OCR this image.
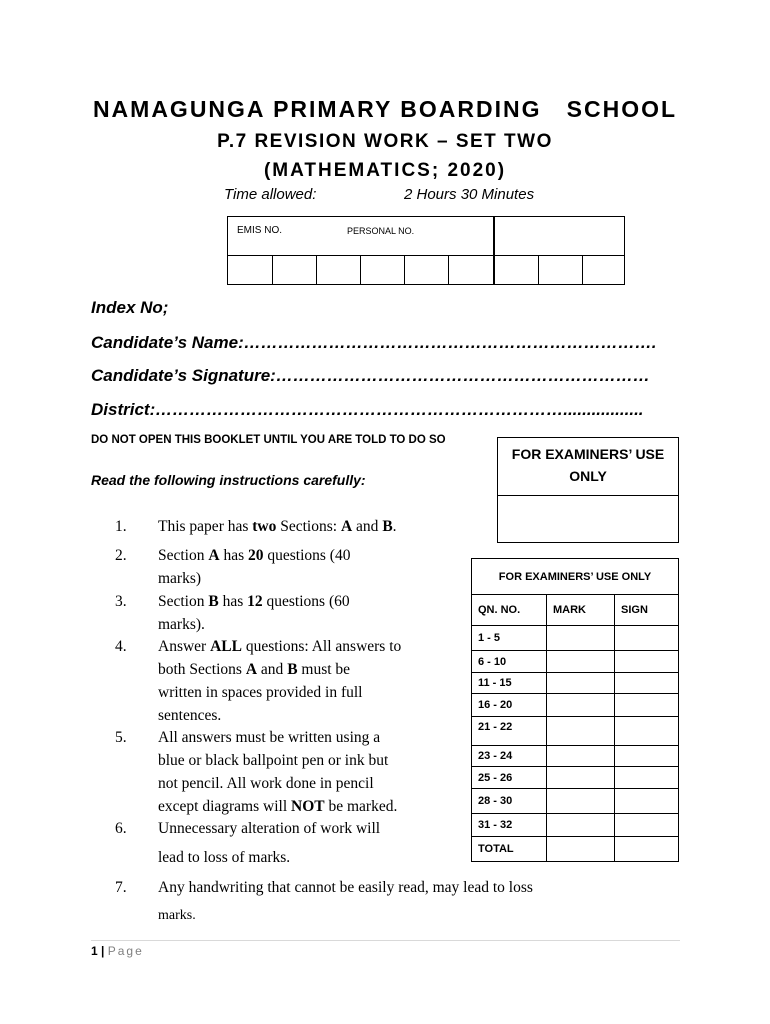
NAMAGUNGA PRIMARY BOARDING   SCHOOL
P.7 REVISION WORK – SET TWO
(MATHEMATICS; 2020)
Time allowed:	2 Hours 30 Minutes
EMIS NO.	PERSONAL NO.
Index No;
Candidate’s Name:……………………………………………………………….
Candidate’s Signature:…………………………………………………………
District:……………………………………………………………….................
DO NOT OPEN THIS BOOKLET UNTIL YOU ARE TOLD TO DO SO
Read the following instructions carefully:
FOR EXAMINERS’ USE
ONLY
FOR EXAMINERS’ USE ONLY		
QN. NO.	MARK	SIGN
1 - 5		
6 - 10		
11 - 15		
16 - 20		
21 - 22		
23 - 24		
25 - 26		
28 - 30		
31 - 32		
TOTAL		
1. This paper has two Sections: A and B.
2. Section A has 20 questions (40
marks)
3. Section B has 12 questions (60
marks).
4. Answer ALL questions: All answers to
both Sections A and B must be
written in spaces provided in full
sentences.
5. All answers must be written using a
blue or black ballpoint pen or ink but
not pencil. All work done in pencil
except diagrams will NOT be marked.
6. Unnecessary alteration of work will
lead to loss of marks.
7. Any handwriting that cannot be easily read, may lead to loss
marks.
1 | Page
